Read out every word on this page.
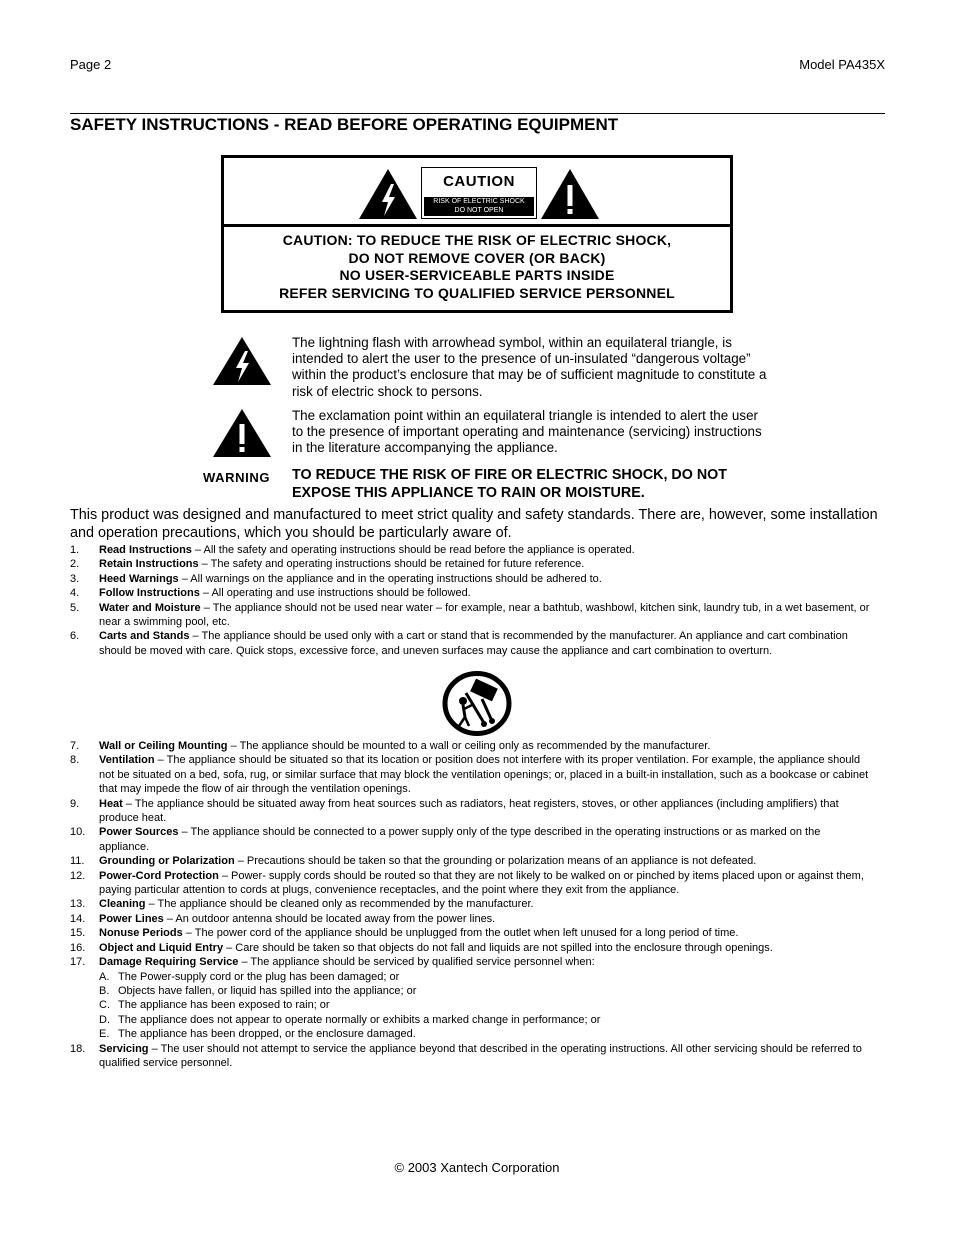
Page 2	Model PA435X
SAFETY INSTRUCTIONS - READ BEFORE OPERATING EQUIPMENT
CAUTION
RISK OF ELECTRIC SHOCK
DO NOT OPEN
CAUTION: TO REDUCE THE RISK OF ELECTRIC SHOCK,
DO NOT REMOVE COVER (OR BACK)
NO USER-SERVICEABLE PARTS INSIDE
REFER SERVICING TO QUALIFIED SERVICE PERSONNEL
The lightning flash with arrowhead symbol, within an equilateral triangle, is intended to alert the user to the presence of un-insulated “dangerous voltage” within the product’s enclosure that may be of sufficient magnitude to constitute a risk of electric shock to persons.
The exclamation point within an equilateral triangle is intended to alert the user to the presence of important operating and maintenance (servicing) instructions in the literature accompanying the appliance.
WARNING TO REDUCE THE RISK OF FIRE OR ELECTRIC SHOCK, DO NOT EXPOSE THIS APPLIANCE TO RAIN OR MOISTURE.
This product was designed and manufactured to meet strict quality and safety standards. There are, however, some installation and operation precautions, which you should be particularly aware of.
1.	Read Instructions – All the safety and operating instructions should be read before the appliance is operated.
2.	Retain Instructions – The safety and operating instructions should be retained for future reference.
3.	Heed Warnings – All warnings on the appliance and in the operating instructions should be adhered to.
4.	Follow Instructions – All operating and use instructions should be followed.
5.	Water and Moisture – The appliance should not be used near water – for example, near a bathtub, washbowl, kitchen sink, laundry tub, in a wet basement, or near a swimming pool, etc.
6.	Carts and Stands – The appliance should be used only with a cart or stand that is recommended by the manufacturer. An appliance and cart combination should be moved with care. Quick stops, excessive force, and uneven surfaces may cause the appliance and cart combination to overturn.
7.	Wall or Ceiling Mounting – The appliance should be mounted to a wall or ceiling only as recommended by the manufacturer.
8.	Ventilation – The appliance should be situated so that its location or position does not interfere with its proper ventilation. For example, the appliance should not be situated on a bed, sofa, rug, or similar surface that may block the ventilation openings; or, placed in a built-in installation, such as a bookcase or cabinet that may impede the flow of air through the ventilation openings.
9.	Heat – The appliance should be situated away from heat sources such as radiators, heat registers, stoves, or other appliances (including amplifiers) that produce heat.
10.	Power Sources – The appliance should be connected to a power supply only of the type described in the operating instructions or as marked on the appliance.
11.	Grounding or Polarization – Precautions should be taken so that the grounding or polarization means of an appliance is not defeated.
12.	Power-Cord Protection – Power- supply cords should be routed so that they are not likely to be walked on or pinched by items placed upon or against them, paying particular attention to cords at plugs, convenience receptacles, and the point where they exit from the appliance.
13.	Cleaning – The appliance should be cleaned only as recommended by the manufacturer.
14.	Power Lines – An outdoor antenna should be located away from the power lines.
15.	Nonuse Periods – The power cord of the appliance should be unplugged from the outlet when left unused for a long period of time.
16.	Object and Liquid Entry – Care should be taken so that objects do not fall and liquids are not spilled into the enclosure through openings.
17.	Damage Requiring Service – The appliance should be serviced by qualified service personnel when:
A. The Power-supply cord or the plug has been damaged; or
B. Objects have fallen, or liquid has spilled into the appliance; or
C. The appliance has been exposed to rain; or
D. The appliance does not appear to operate normally or exhibits a marked change in performance; or
E. The appliance has been dropped, or the enclosure damaged.
18.	Servicing – The user should not attempt to service the appliance beyond that described in the operating instructions. All other servicing should be referred to qualified service personnel.
© 2003 Xantech Corporation
